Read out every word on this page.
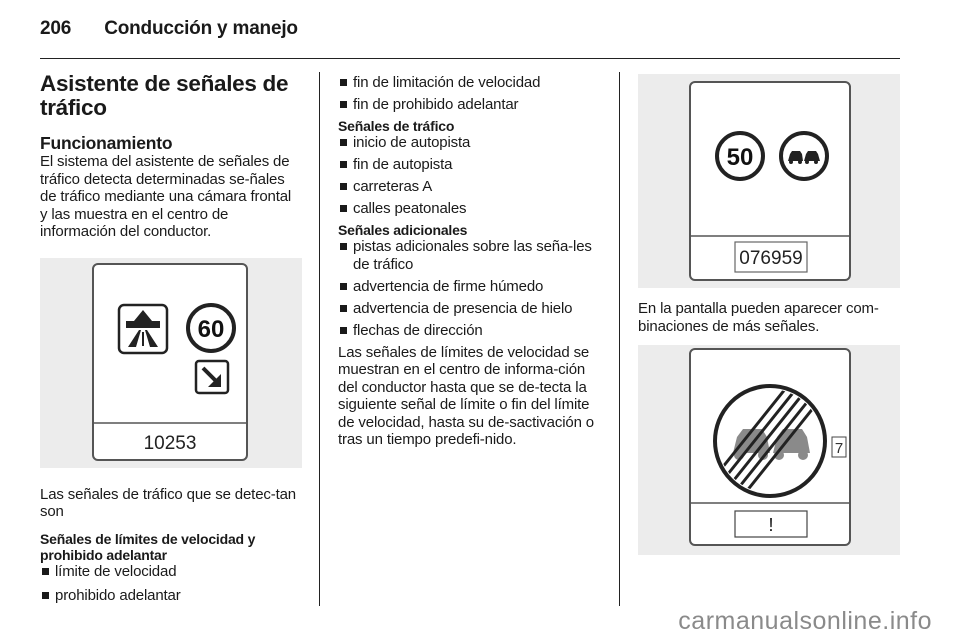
206 Conducción y manejo
Asistente de señales de tráfico
Funcionamiento

El sistema del asistente de señales de tráfico detecta determinadas se-ñales de tráfico mediante una cámara frontal y las muestra en el centro de información del conductor.

60
10253

Las señales de tráfico que se detec-tan son

Señales de límites de velocidad y prohibido adelantar
límite de velocidad
prohibido adelantar
fin de limitación de velocidad
fin de prohibido adelantar
Señales de tráfico
inicio de autopista
fin de autopista
carreteras A
calles peatonales
Señales adicionales
pistas adicionales sobre las seña-les de tráfico
advertencia de firme húmedo
advertencia de presencia de hielo
flechas de dirección

Las señales de límites de velocidad se muestran en el centro de informa-ción del conductor hasta que se de-tecta la siguiente señal de límite o fin del límite de velocidad, hasta su de-sactivación o tras un tiempo predefi-nido.

50
076959

En la pantalla pueden aparecer com-binaciones de más señales.

7
!
carmanualsonline.info
